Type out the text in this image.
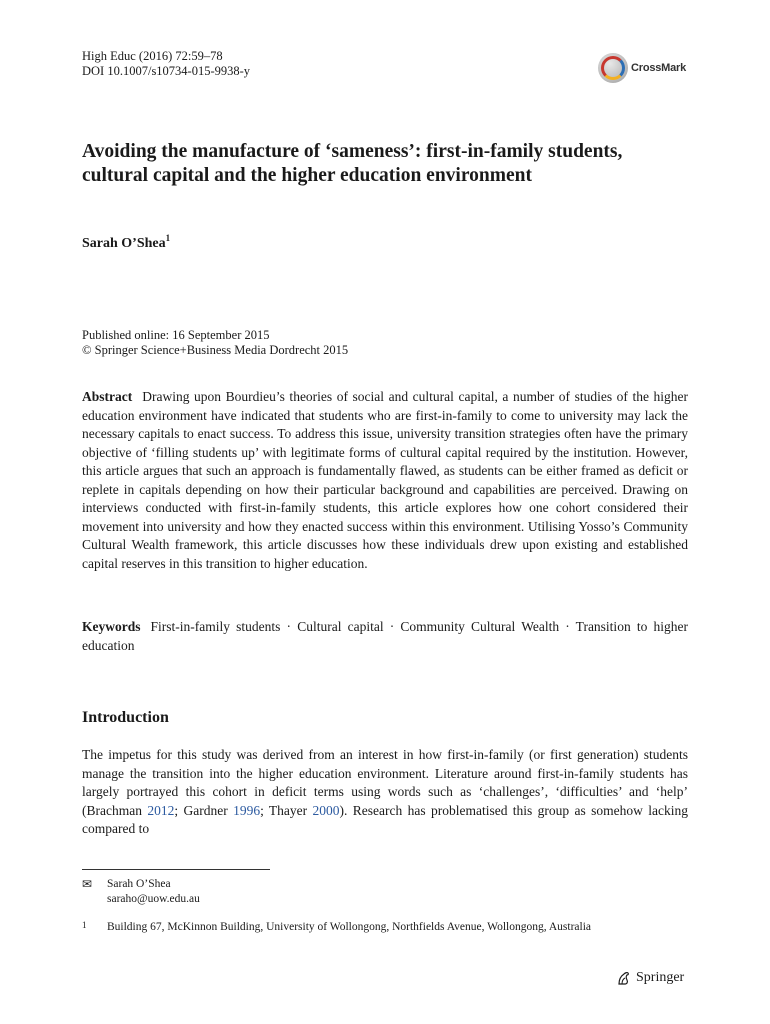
High Educ (2016) 72:59–78
DOI 10.1007/s10734-015-9938-y	CrossMark
Avoiding the manufacture of ‘sameness’: first-in-family students, cultural capital and the higher education environment
Sarah O’Shea$^1$
Published online: 16 September 2015
© Springer Science+Business Media Dordrecht 2015

Abstract Drawing upon Bourdieu’s theories of social and cultural capital, a number of studies of the higher education environment have indicated that students who are first-in-family to come to university may lack the necessary capitals to enact success. To address this issue, university transition strategies often have the primary objective of ‘filling students up’ with legitimate forms of cultural capital required by the institution. However, this article argues that such an approach is fundamentally flawed, as students can be either framed as deficit or replete in capitals depending on how their particular background and capabilities are perceived. Drawing on interviews conducted with first-in-family students, this article explores how one cohort considered their movement into university and how they enacted success within this environment. Utilising Yosso’s Community Cultural Wealth framework, this article discusses how these individuals drew upon existing and established capital reserves in this transition to higher education.

Keywords First-in-family students · Cultural capital · Community Cultural Wealth · Transition to higher education

Introduction

The impetus for this study was derived from an interest in how first-in-family (or first generation) students manage the transition into the higher education environment. Literature around first-in-family students has largely portrayed this cohort in deficit terms using words such as ‘challenges’, ‘difficulties’ and ‘help’ (Brachman 2012; Gardner 1996; Thayer 2000). Research has problematised this group as somehow lacking compared to

✉ Sarah O’Shea
saraho@uow.edu.au
1 Building 67, McKinnon Building, University of Wollongong, Northfields Avenue, Wollongong, Australia
Springer
